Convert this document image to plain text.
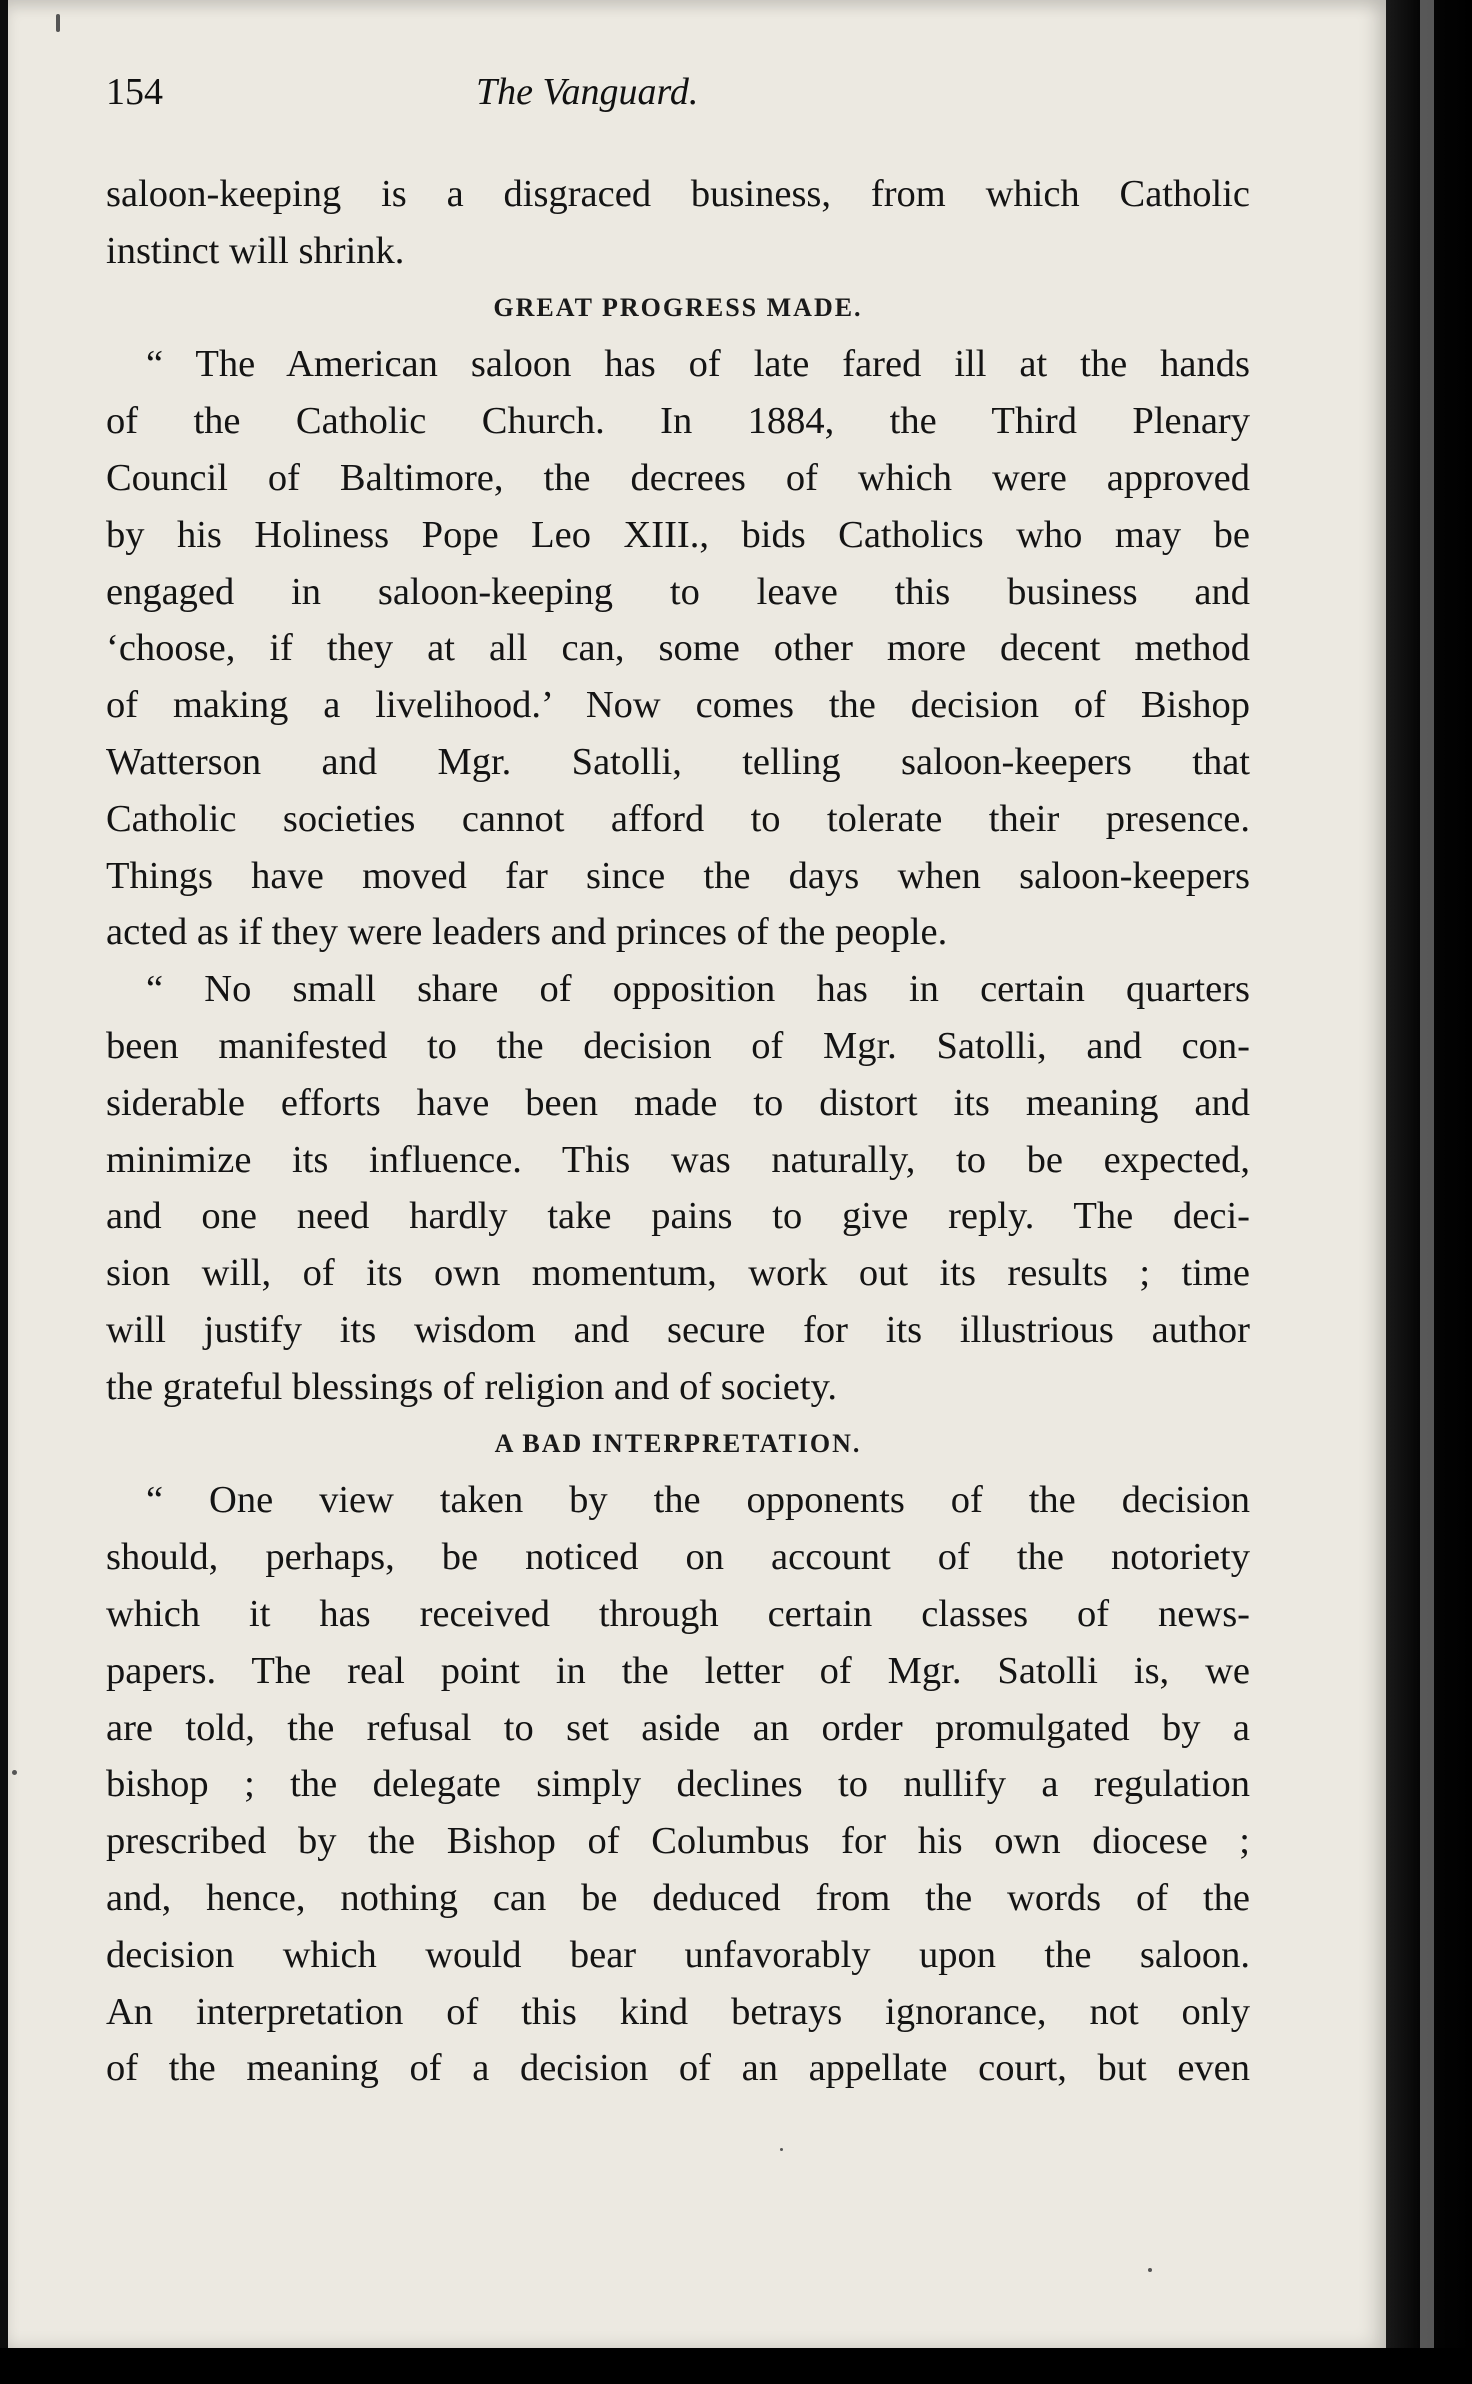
154	The Vanguard.
saloon-keeping is a disgraced business, from which Catholic
instinct will shrink.
GREAT PROGRESS MADE.
“ The American saloon has of late fared ill at the hands
of the Catholic Church. In 1884, the Third Plenary
Council of Baltimore, the decrees of which were approved
by his Holiness Pope Leo XIII., bids Catholics who may be
engaged in saloon-keeping to leave this business and
‘choose, if they at all can, some other more decent method
of making a livelihood.’ Now comes the decision of Bishop
Watterson and Mgr. Satolli, telling saloon-keepers that
Catholic societies cannot afford to tolerate their presence.
Things have moved far since the days when saloon-keepers
acted as if they were leaders and princes of the people.
“ No small share of opposition has in certain quarters
been manifested to the decision of Mgr. Satolli, and con-
siderable efforts have been made to distort its meaning and
minimize its influence. This was naturally, to be expected,
and one need hardly take pains to give reply. The deci-
sion will, of its own momentum, work out its results ; time
will justify its wisdom and secure for its illustrious author
the grateful blessings of religion and of society.
A BAD INTERPRETATION.
“ One view taken by the opponents of the decision
should, perhaps, be noticed on account of the notoriety
which it has received through certain classes of news-
papers. The real point in the letter of Mgr. Satolli is, we
are told, the refusal to set aside an order promulgated by a
bishop ; the delegate simply declines to nullify a regulation
prescribed by the Bishop of Columbus for his own diocese ;
and, hence, nothing can be deduced from the words of the
decision which would bear unfavorably upon the saloon.
An interpretation of this kind betrays ignorance, not only
of the meaning of a decision of an appellate court, but even
